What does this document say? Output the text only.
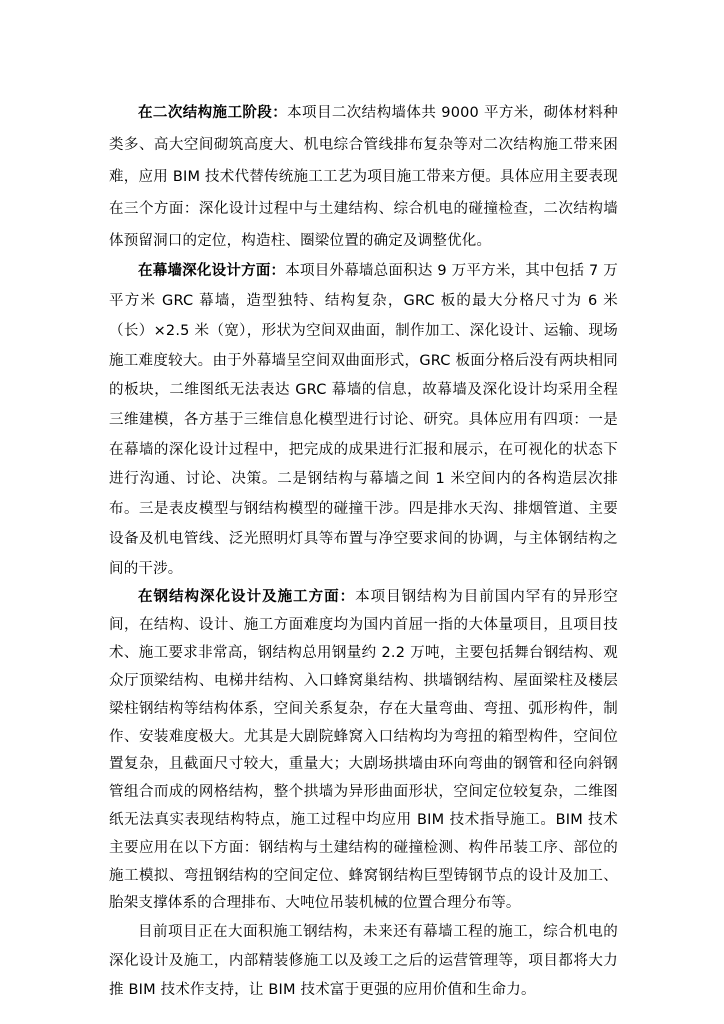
在二次结构施工阶段：本项目二次结构墙体共 9000 平方米，砌体材料种类多、高大空间砌筑高度大、机电综合管线排布复杂等对二次结构施工带来困难，应用 BIM 技术代替传统施工工艺为项目施工带来方便。具体应用主要表现在三个方面：深化设计过程中与土建结构、综合机电的碰撞检查，二次结构墙体预留洞口的定位，构造柱、圈梁位置的确定及调整优化。

在幕墙深化设计方面：本项目外幕墙总面积达 9 万平方米，其中包括 7 万平方米 GRC 幕墙，造型独特、结构复杂，GRC 板的最大分格尺寸为 6 米（长）×2.5 米（宽），形状为空间双曲面，制作加工、深化设计、运输、现场施工难度较大。由于外幕墙呈空间双曲面形式，GRC 板面分格后没有两块相同的板块，二维图纸无法表达 GRC 幕墙的信息，故幕墙及深化设计均采用全程三维建模，各方基于三维信息化模型进行讨论、研究。具体应用有四项：一是在幕墙的深化设计过程中，把完成的成果进行汇报和展示，在可视化的状态下进行沟通、讨论、决策。二是钢结构与幕墙之间 1 米空间内的各构造层次排布。三是表皮模型与钢结构模型的碰撞干涉。四是排水天沟、排烟管道、主要设备及机电管线、泛光照明灯具等布置与净空要求间的协调，与主体钢结构之间的干涉。

在钢结构深化设计及施工方面：本项目钢结构为目前国内罕有的异形空间，在结构、设计、施工方面难度均为国内首屈一指的大体量项目，且项目技术、施工要求非常高，钢结构总用钢量约 2.2 万吨，主要包括舞台钢结构、观众厅顶梁结构、电梯井结构、入口蜂窝巢结构、拱墙钢结构、屋面梁柱及楼层梁柱钢结构等结构体系，空间关系复杂，存在大量弯曲、弯扭、弧形构件，制作、安装难度极大。尤其是大剧院蜂窝入口结构均为弯扭的箱型构件，空间位置复杂，且截面尺寸较大，重量大；大剧场拱墙由环向弯曲的钢管和径向斜钢管组合而成的网格结构，整个拱墙为异形曲面形状，空间定位较复杂，二维图纸无法真实表现结构特点，施工过程中均应用 BIM 技术指导施工。BIM 技术主要应用在以下方面：钢结构与土建结构的碰撞检测、构件吊装工序、部位的施工模拟、弯扭钢结构的空间定位、蜂窝钢结构巨型铸钢节点的设计及加工、胎架支撑体系的合理排布、大吨位吊装机械的位置合理分布等。

目前项目正在大面积施工钢结构，未来还有幕墙工程的施工，综合机电的深化设计及施工，内部精装修施工以及竣工之后的运营管理等，项目都将大力推 BIM 技术作支持，让 BIM 技术富于更强的应用价值和生命力。
